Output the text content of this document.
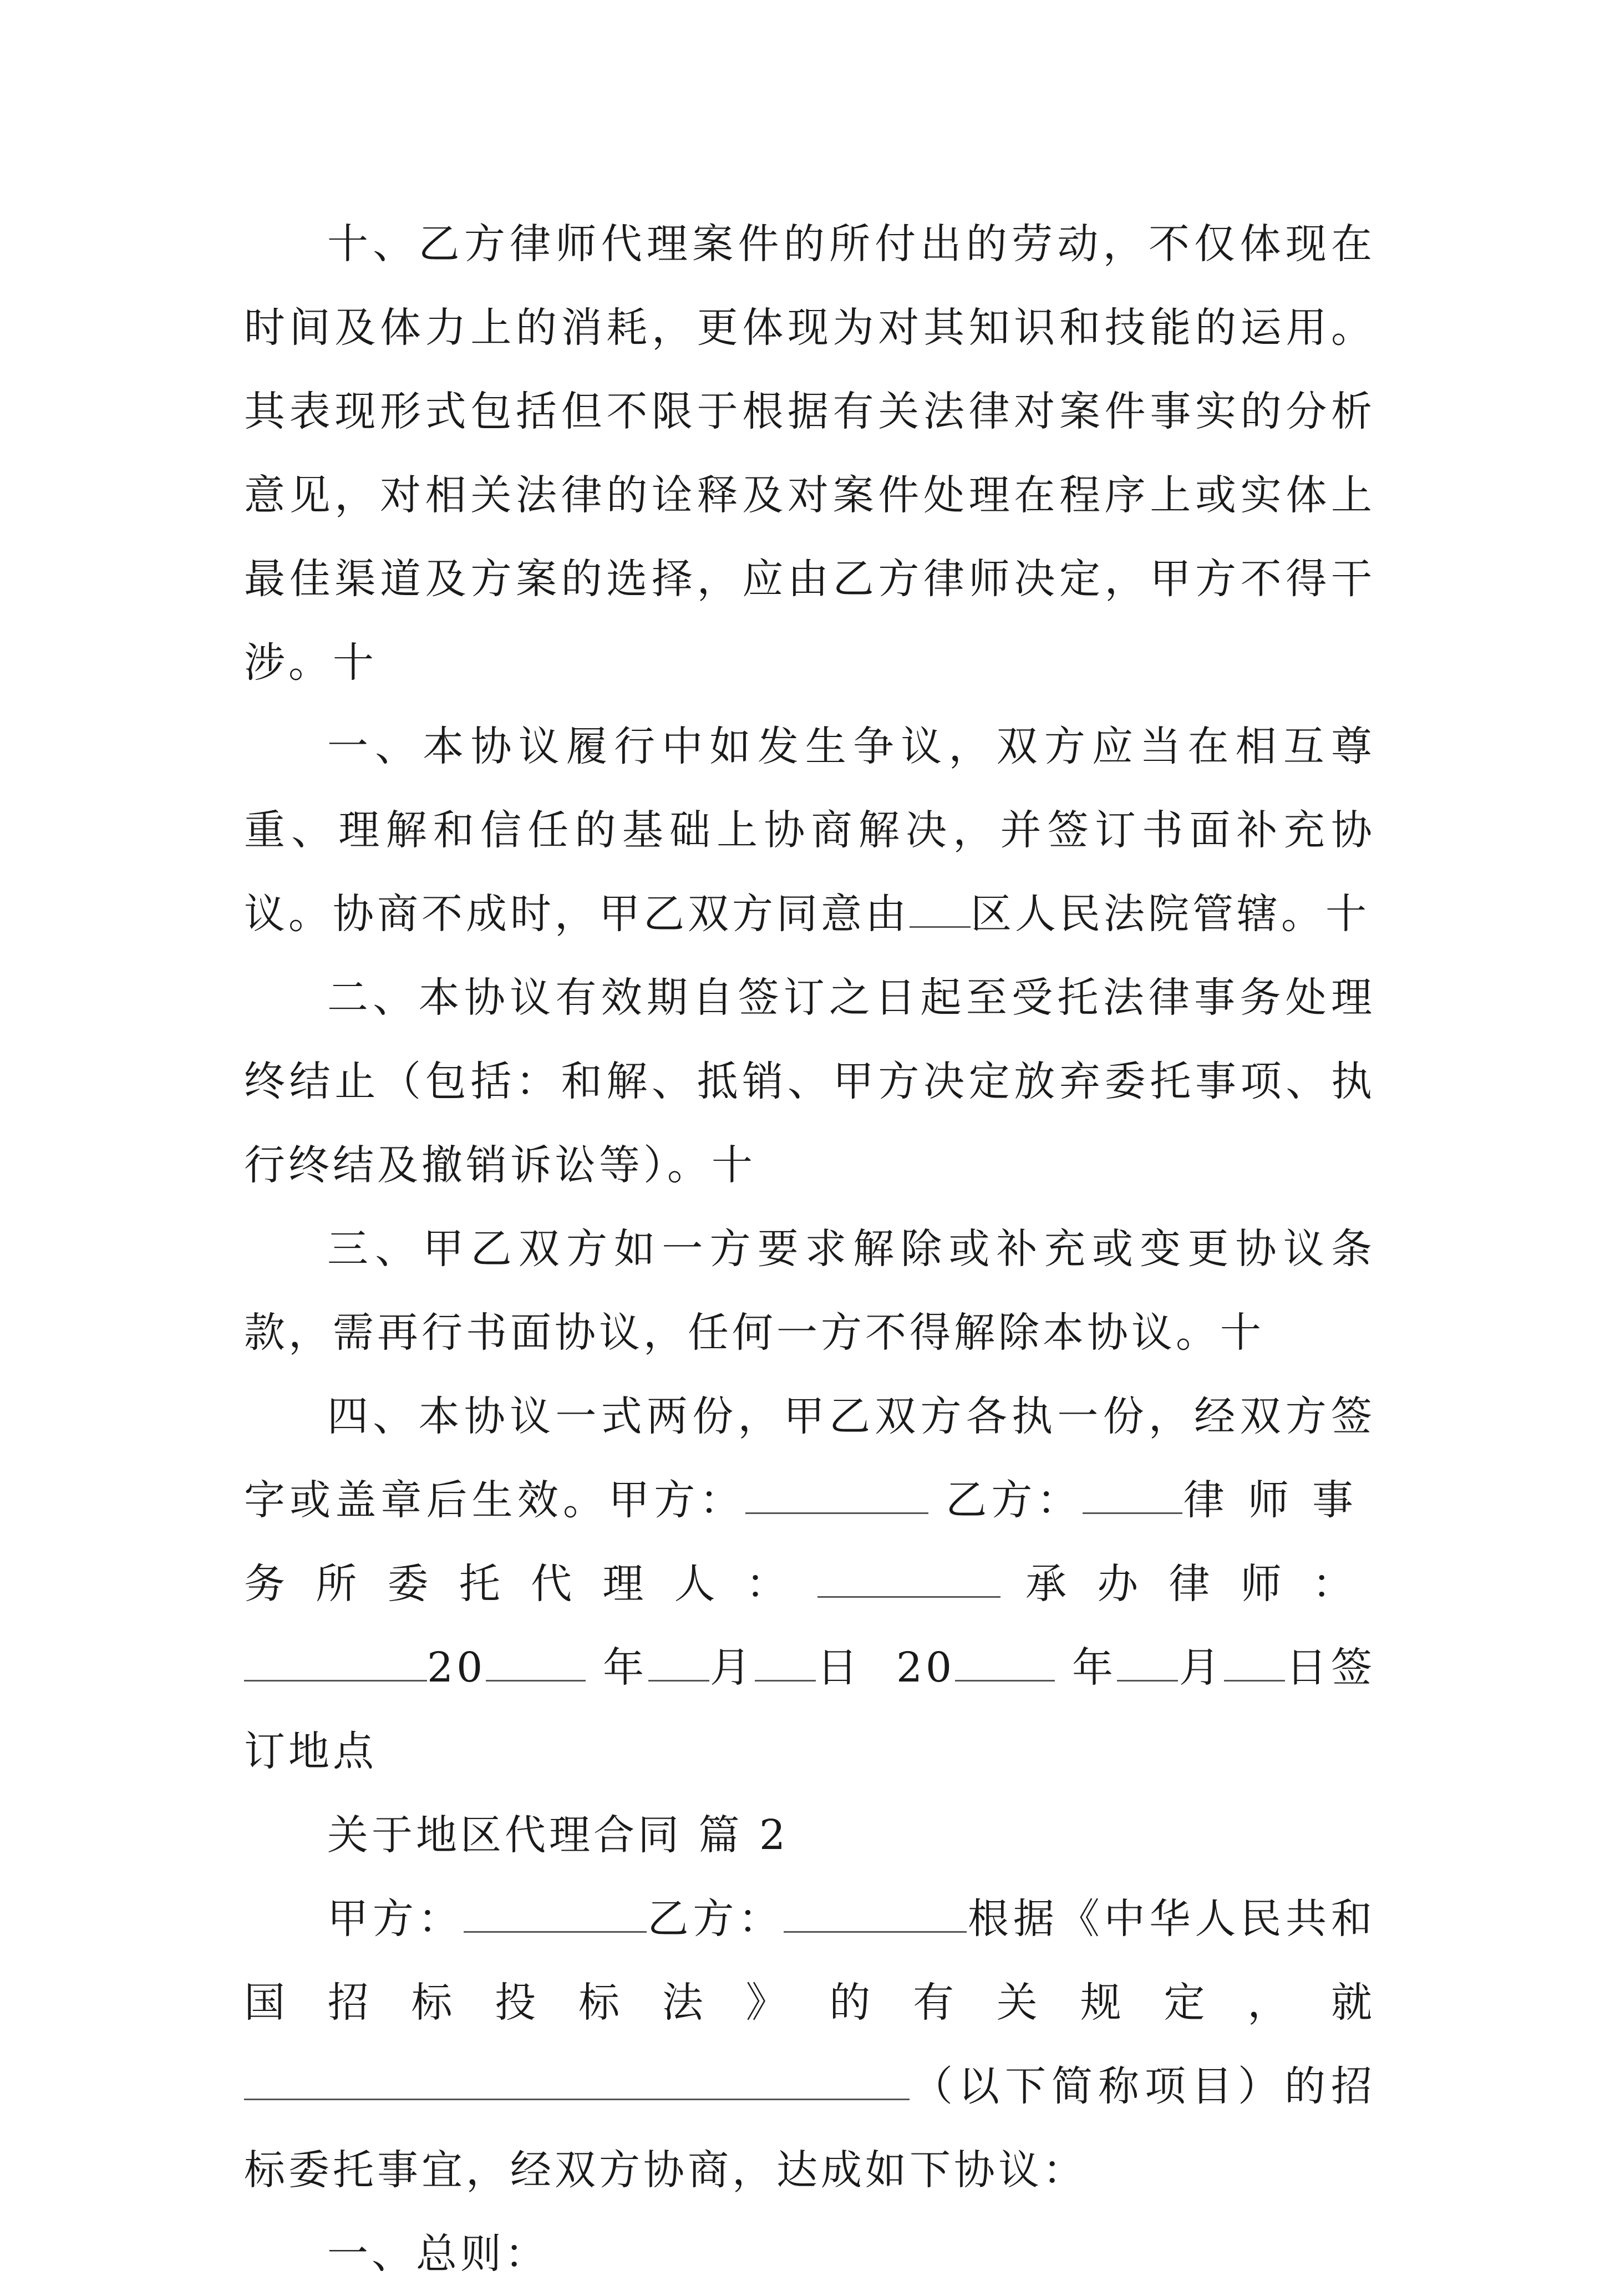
十、乙方律师代理案件的所付出的劳动，不仅体现在时间及体力上的消耗，更体现为对其知识和技能的运用。其表现形式包括但不限于根据有关法律对案件事实的分析意见，对相关法律的诠释及对案件处理在程序上或实体上最佳渠道及方案的选择，应由乙方律师决定，甲方不得干涉。十

一、本协议履行中如发生争议，双方应当在相互尊重、理解和信任的基础上协商解决，并签订书面补充协议。协商不成时，甲乙双方同意由 区人民法院管辖。十

二、本协议有效期自签订之日起至受托法律事务处理终结止（包括：和解、抵销、甲方决定放弃委托事项、执行终结及撤销诉讼等）。十

三、甲乙双方如一方要求解除或补充或变更协议条款，需再行书面协议，任何一方不得解除本协议。十

四、本协议一式两份，甲乙双方各执一份，经双方签字或盖章后生效。甲方：	乙方： 律师事务所委托代理人：	承办律师：20	年 月 日 20	年 月 日签订地点

关于地区代理合同 篇 2

甲方：	乙方：	根据《中华人民共和国招标投标法》的有关规定，就（以下简称项目）的招标委托事宜，经双方协商，达成如下协议：

一、总则：
